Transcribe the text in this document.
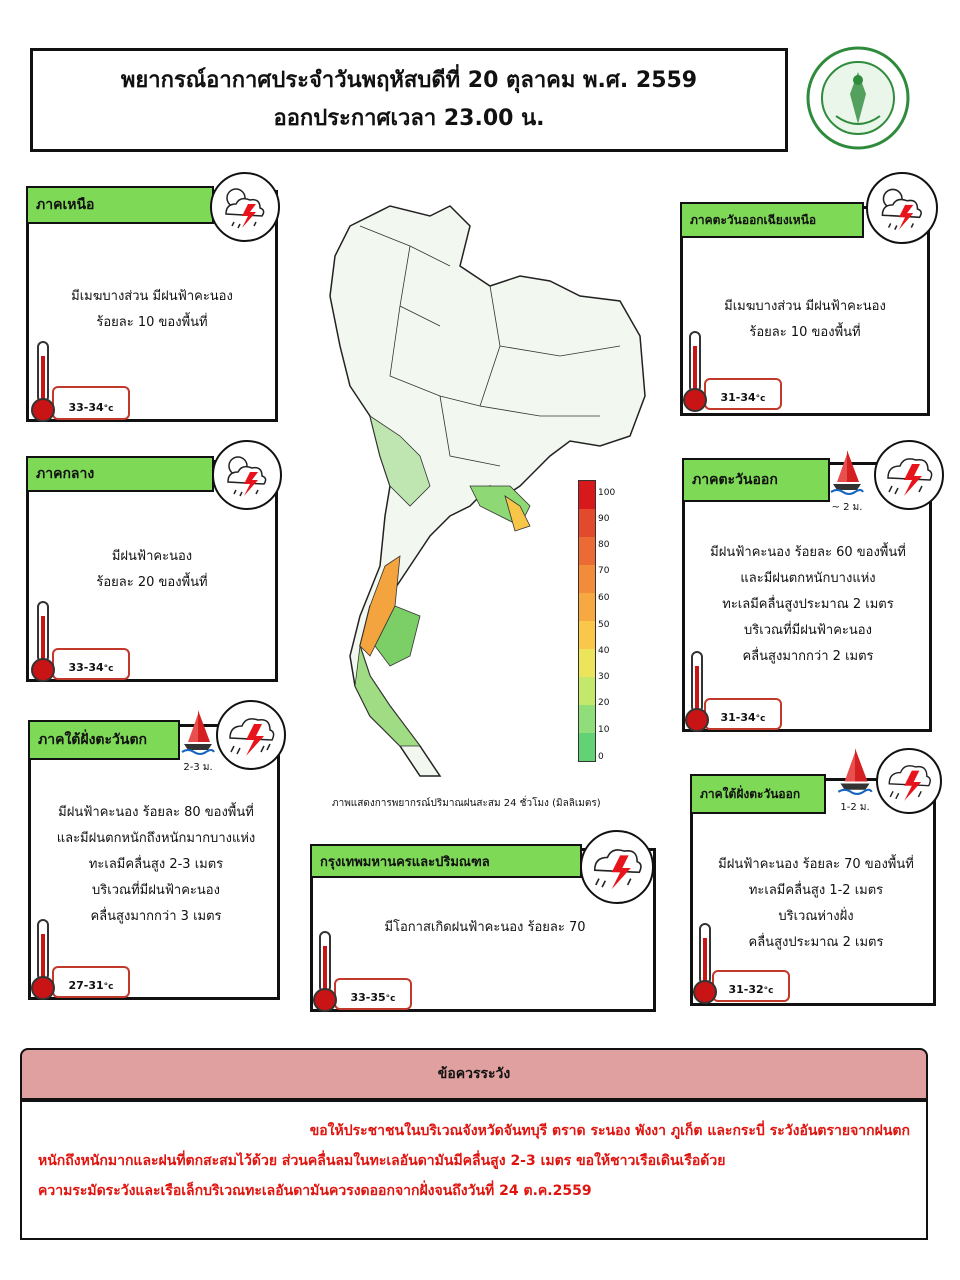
พยากรณ์อากาศประจำวันพฤหัสบดีที่ 20 ตุลาคม พ.ศ. 2559
ออกประกาศเวลา 23.00 น.
ภาคเหนือ
มีเมฆบางส่วน มีฝนฟ้าคะนอง
ร้อยละ 10 ของพื้นที่
33-34 °c
ภาคกลาง
มีฝนฟ้าคะนอง
ร้อยละ 20 ของพื้นที่
33-34 °c
ภาคใต้ฝั่งตะวันตก
2-3 ม.
มีฝนฟ้าคะนอง ร้อยละ 80 ของพื้นที่
และมีฝนตกหนักถึงหนักมากบางแห่ง
ทะเลมีคลื่นสูง 2-3 เมตร
บริเวณที่มีฝนฟ้าคะนอง
คลื่นสูงมากกว่า 3 เมตร
27-31 °c
ภาคตะวันออกเฉียงเหนือ
มีเมฆบางส่วน มีฝนฟ้าคะนอง
ร้อยละ 10 ของพื้นที่
31-34 °c
ภาคตะวันออก
~ 2 ม.
มีฝนฟ้าคะนอง ร้อยละ 60 ของพื้นที่
และมีฝนตกหนักบางแห่ง
ทะเลมีคลื่นสูงประมาณ 2 เมตร
บริเวณที่มีฝนฟ้าคะนอง
คลื่นสูงมากกว่า 2 เมตร
31-34 °c
ภาคใต้ฝั่งตะวันออก
1-2 ม.
มีฝนฟ้าคะนอง ร้อยละ 70 ของพื้นที่
ทะเลมีคลื่นสูง 1-2 เมตร
บริเวณห่างฝั่ง
คลื่นสูงประมาณ 2 เมตร
31-32 °c
กรุงเทพมหานครและปริมณฑล
มีโอกาสเกิดฝนฟ้าคะนอง ร้อยละ 70
33-35 °c
ภาพแสดงการพยากรณ์ปริมาณฝนสะสม 24 ชั่วโมง (มิลลิเมตร)
100
90
80
70
60
50
40
30
20
10
0
ข้อควรระวัง
ขอให้ประชาชนในบริเวณจังหวัดจันทบุรี ตราด ระนอง พังงา ภูเก็ต และกระบี่ ระวังอันตรายจากฝนตก
หนักถึงหนักมากและฝนที่ตกสะสมไว้ด้วย ส่วนคลื่นลมในทะเลอันดามันมีคลื่นสูง 2-3 เมตร ขอให้ชาวเรือเดินเรือด้วย
ความระมัดระวังและเรือเล็กบริเวณทะเลอันดามันควรงดออกจากฝั่งจนถึงวันที่ 24 ต.ค.2559
